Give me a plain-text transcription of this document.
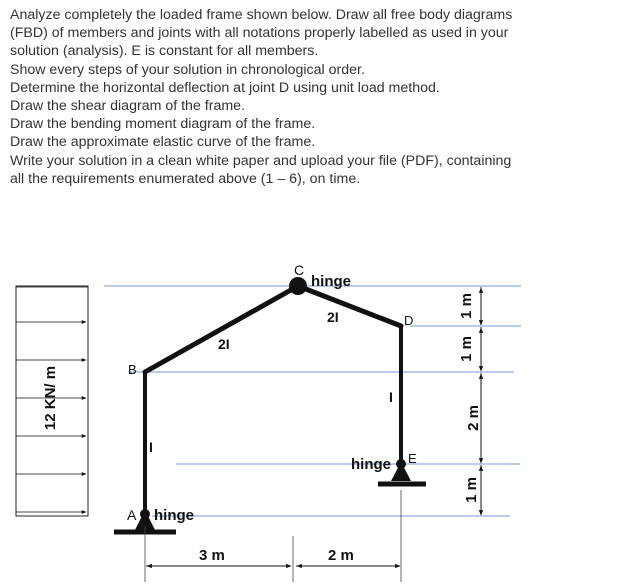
Analyze completely the loaded frame shown below. Draw all free body diagrams
(FBD) of members and joints with all notations properly labelled as used in your
solution (analysis). E is constant for all members.
Show every steps of your solution in chronological order.
Determine the horizontal deflection at joint D using unit load method.
Draw the shear diagram of the frame.
Draw the bending moment diagram of the frame.
Draw the approximate elastic curve of the frame.
Write your solution in a clean white paper and upload your file (PDF), containing
all the requirements enumerated above (1 – 6), on time.
12 KN/ m
A
B
C
D
E
hinge
hinge
hinge
I
2I
2I
I
3 m	2 m
1 m
1 m
2 m
1 m
